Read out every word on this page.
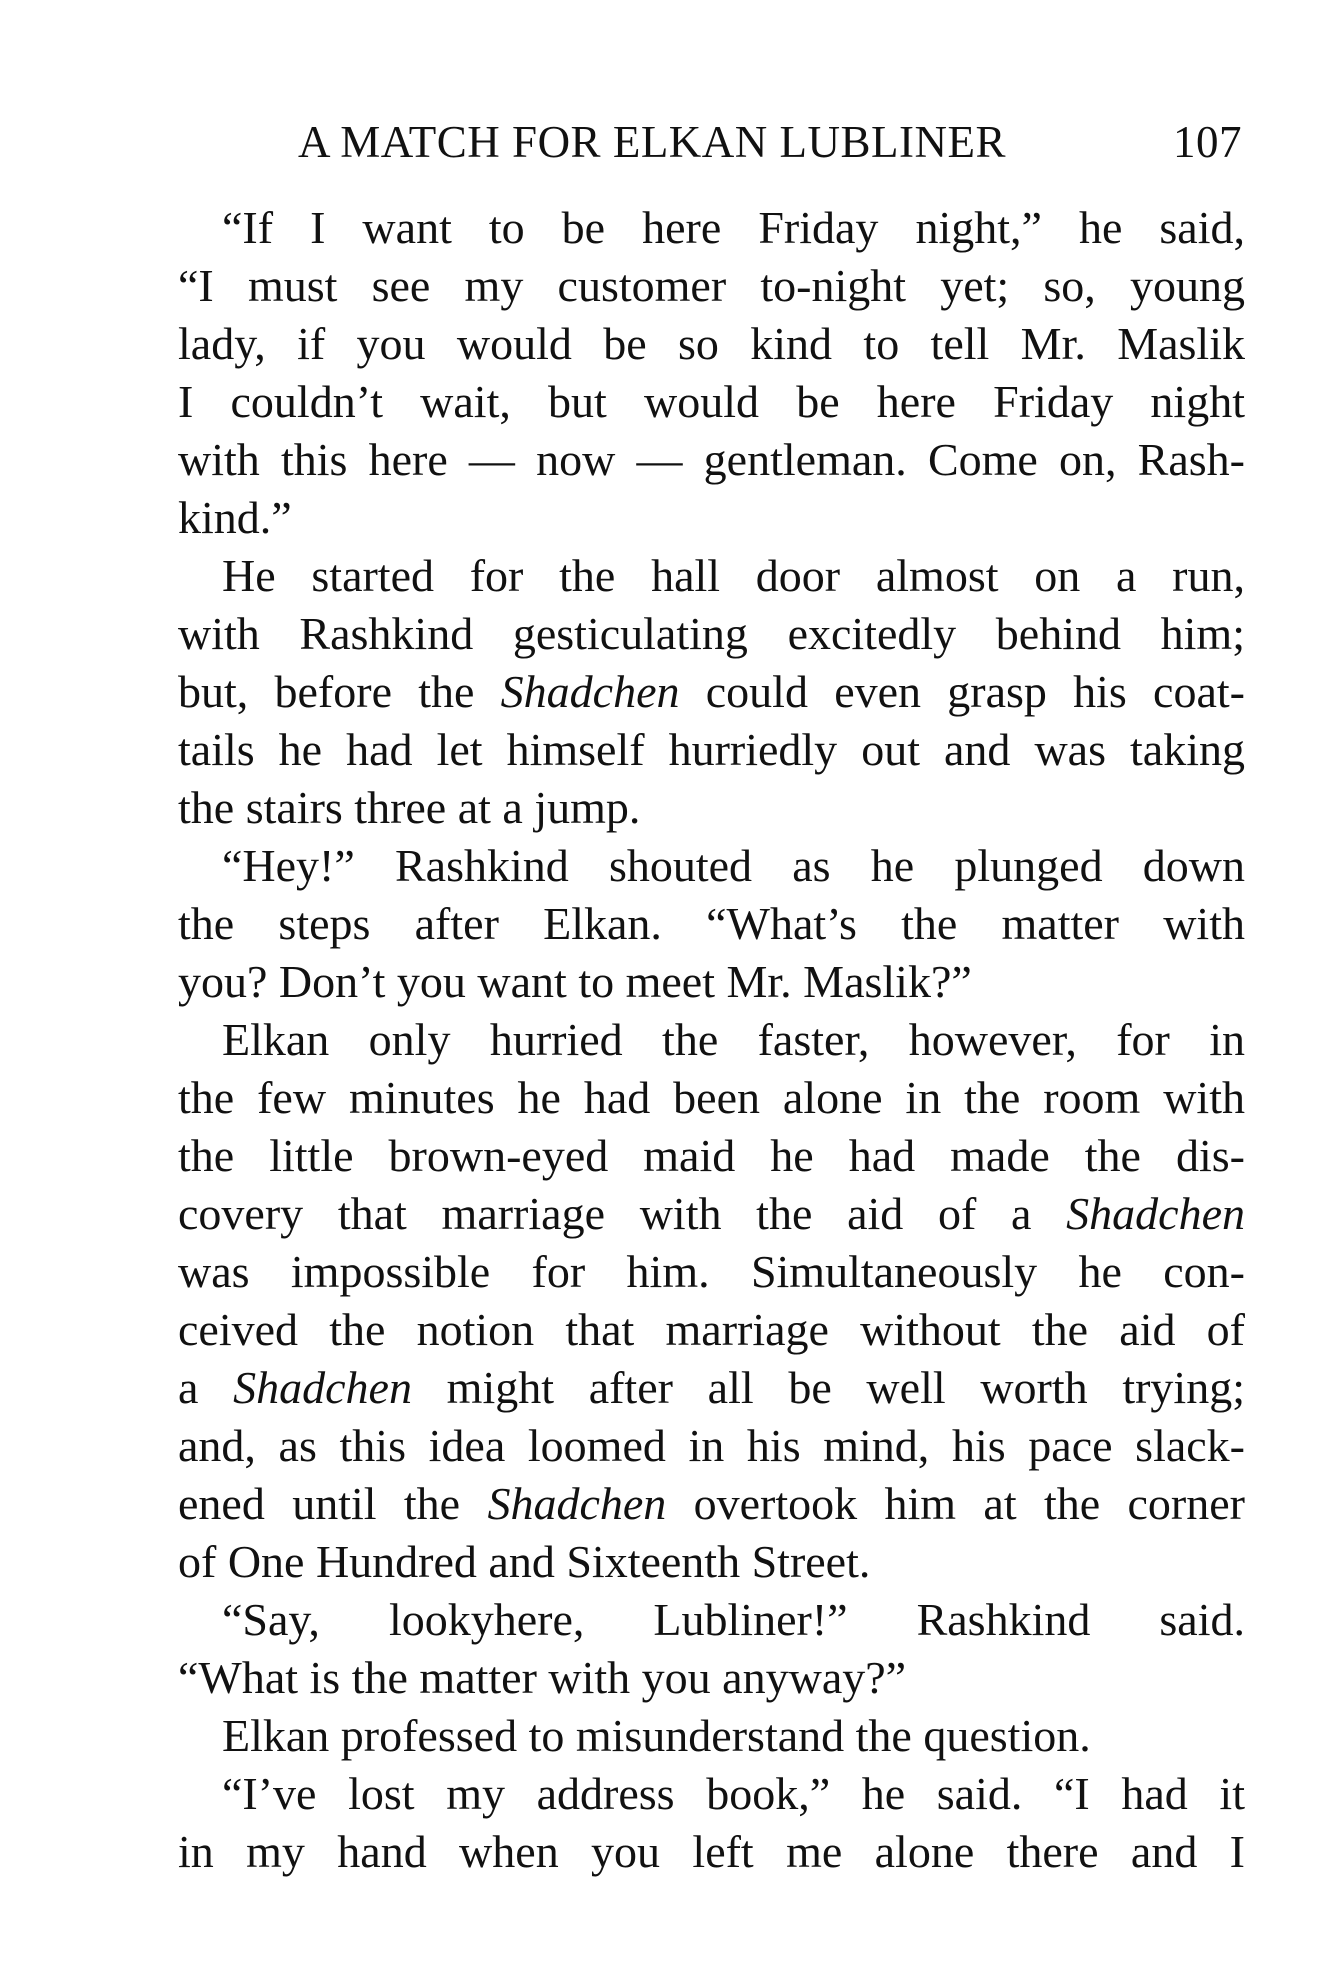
A MATCH FOR ELKAN LUBLINER	107
“If I want to be here Friday night,” he said,
“I must see my customer to-night yet; so, young
lady, if you would be so kind to tell Mr. Maslik
I couldn’t wait, but would be here Friday night
with this here — now — gentleman. Come on, Rash-
kind.”
He started for the hall door almost on a run,
with Rashkind gesticulating excitedly behind him;
but, before the Shadchen could even grasp his coat-
tails he had let himself hurriedly out and was taking
the stairs three at a jump.
“Hey!” Rashkind shouted as he plunged down
the steps after Elkan. “What’s the matter with
you? Don’t you want to meet Mr. Maslik?”
Elkan only hurried the faster, however, for in
the few minutes he had been alone in the room with
the little brown-eyed maid he had made the dis-
covery that marriage with the aid of a Shadchen
was impossible for him. Simultaneously he con-
ceived the notion that marriage without the aid of
a Shadchen might after all be well worth trying;
and, as this idea loomed in his mind, his pace slack-
ened until the Shadchen overtook him at the corner
of One Hundred and Sixteenth Street.
“Say, lookyhere, Lubliner!” Rashkind said.
“What is the matter with you anyway?”
Elkan professed to misunderstand the question.
“I’ve lost my address book,” he said. “I had it
in my hand when you left me alone there and I
